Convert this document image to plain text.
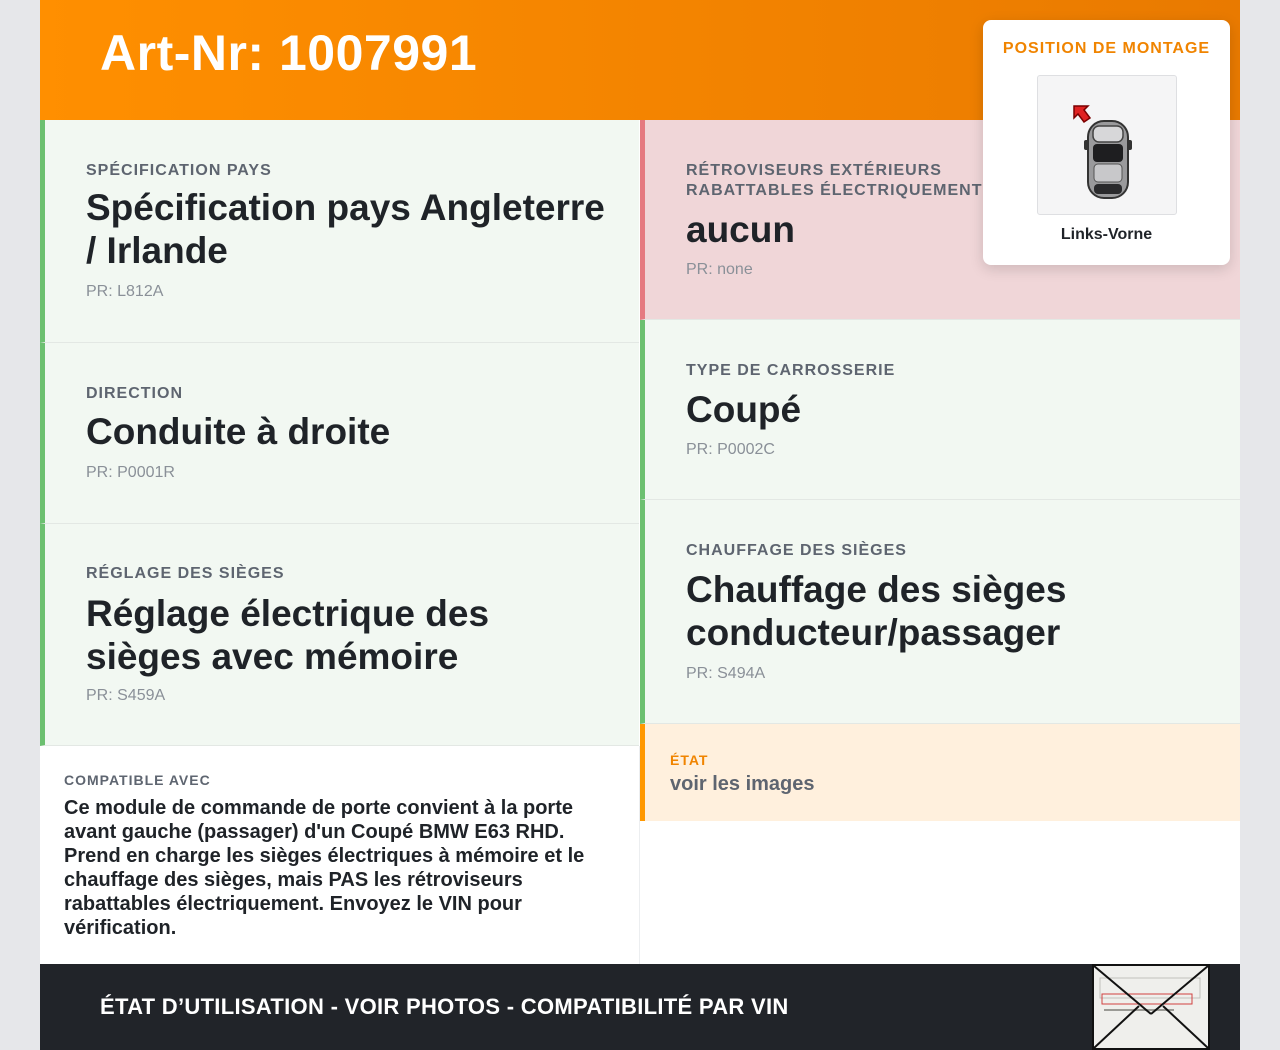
Art-Nr: 1007991
SPÉCIFICATION PAYS
Spécification pays Angleterre / Irlande
PR: L812A
DIRECTION
Conduite à droite
PR: P0001R
RÉGLAGE DES SIÈGES
Réglage électrique des sièges avec mémoire
PR: S459A
RÉTROVISEURS EXTÉRIEURS RABATTABLES ÉLECTRIQUEMENT
aucun
PR: none
TYPE DE CARROSSERIE
Coupé
PR: P0002C
CHAUFFAGE DES SIÈGES
Chauffage des sièges conducteur/passager
PR: S494A
ÉTAT
voir les images
COMPATIBLE AVEC
Ce module de commande de porte convient à la porte avant gauche (passager) d'un Coupé BMW E63 RHD. Prend en charge les sièges électriques à mémoire et le chauffage des sièges, mais PAS les rétroviseurs rabattables électriquement. Envoyez le VIN pour vérification.
POSITION DE MONTAGE
Links-Vorne
ÉTAT D’UTILISATION - VOIR PHOTOS - COMPATIBILITÉ PAR VIN
